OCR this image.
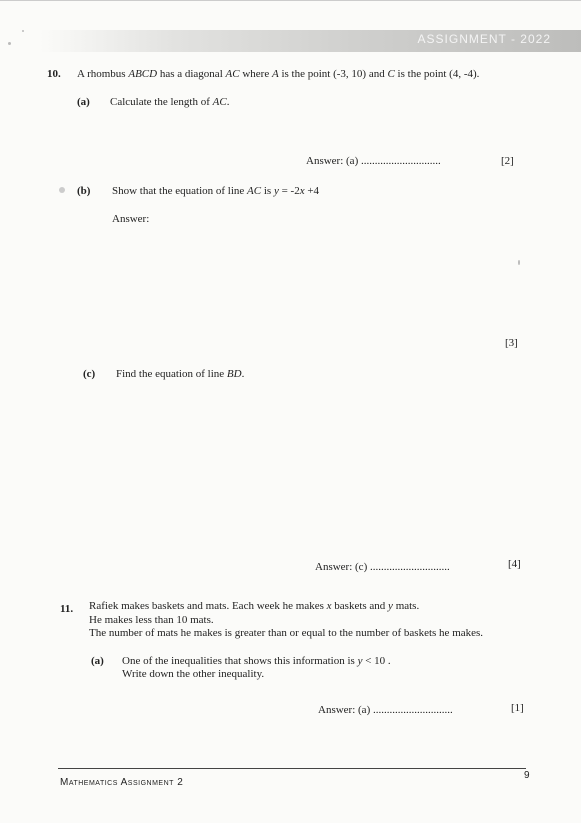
ASSIGNMENT - 2022
10. A rhombus ABCD has a diagonal AC where A is the point (-3, 10) and C is the point (4, -4).
(a) Calculate the length of AC.
Answer: (a) .............................	[2]
(b) Show that the equation of line AC is y = -2x +4
Answer:
[3]
(c) Find the equation of line BD.
Answer: (c) .............................	[4]
11. Rafiek makes baskets and mats. Each week he makes x baskets and y mats.
He makes less than 10 mats.
The number of mats he makes is greater than or equal to the number of baskets he makes.
(a) One of the inequalities that shows this information is y < 10 .
Write down the other inequality.
Answer: (a) .............................	[1]
Mathematics Assignment 2
9
